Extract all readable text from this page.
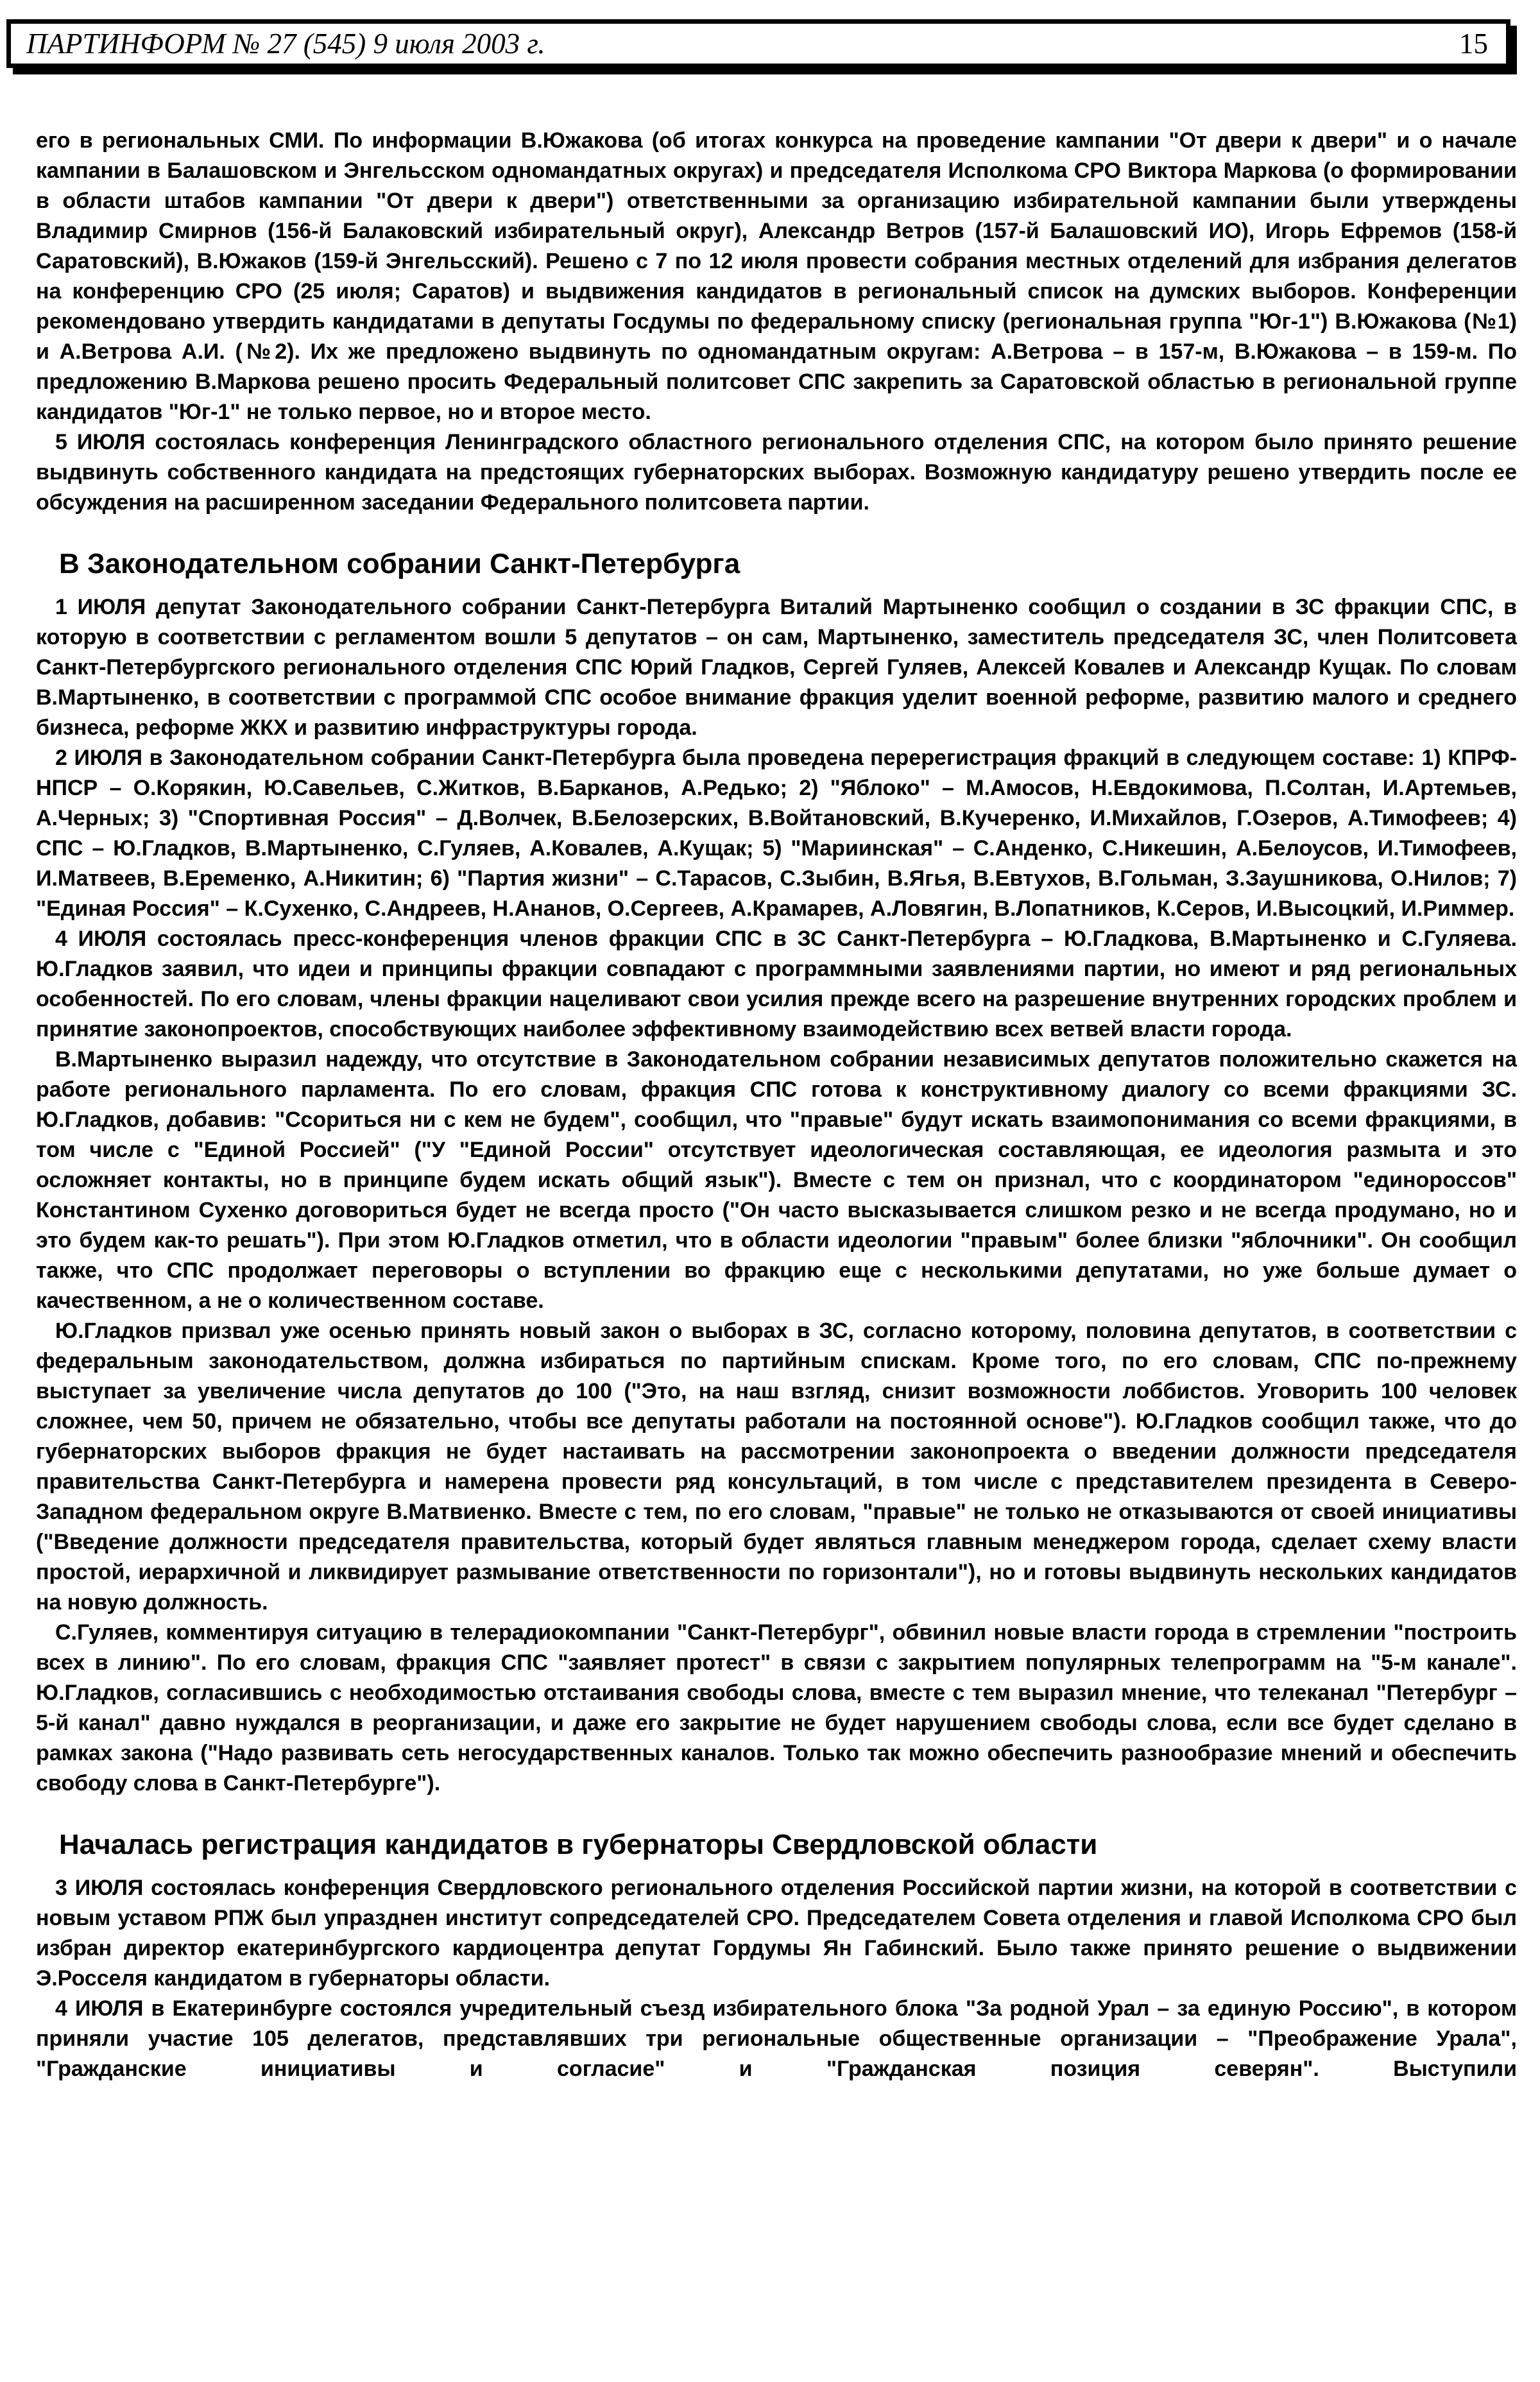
ПАРТИНФОРМ № 27 (545) 9 июля 2003 г.	15

его в региональных СМИ. По информации В.Южакова (об итогах конкурса на проведение кампании "От двери к двери" и о начале кампании в Балашовском и Энгельсском одномандатных округах) и председателя Исполкома СРО Виктора Маркова (о формировании в области штабов кампании "От двери к двери") ответственными за организацию избирательной кампании были утверждены Владимир Смирнов (156-й Балаковский избирательный округ), Александр Ветров (157-й Балашовский ИО), Игорь Ефремов (158-й Саратовский), В.Южаков (159-й Энгельсский). Решено с 7 по 12 июля провести собрания местных отделений для избрания делегатов на конференцию СРО (25 июля; Саратов) и выдвижения кандидатов в региональный список на думских выборов. Конференции рекомендовано утвердить кандидатами в депутаты Госдумы по федеральному списку (региональная группа "Юг-1") В.Южакова (№1) и А.Ветрова А.И. (№2). Их же предложено выдвинуть по одномандатным округам: А.Ветрова – в 157-м, В.Южакова – в 159-м. По предложению В.Маркова решено просить Федеральный политсовет СПС закрепить за Саратовской областью в региональной группе кандидатов "Юг-1" не только первое, но и второе место.

5 ИЮЛЯ состоялась конференция Ленинградского областного регионального отделения СПС, на котором было принято решение выдвинуть собственного кандидата на предстоящих губернаторских выборах. Возможную кандидатуру решено утвердить после ее обсуждения на расширенном заседании Федерального политсовета партии.

В Законодательном собрании Санкт-Петербурга

1 ИЮЛЯ депутат Законодательного собрании Санкт-Петербурга Виталий Мартыненко сообщил о создании в ЗС фракции СПС, в которую в соответствии с регламентом вошли 5 депутатов – он сам, Мартыненко, заместитель председателя ЗС, член Политсовета Санкт-Петербургского регионального отделения СПС Юрий Гладков, Сергей Гуляев, Алексей Ковалев и Александр Кущак. По словам В.Мартыненко, в соответствии с программой СПС особое внимание фракция уделит военной реформе, развитию малого и среднего бизнеса, реформе ЖКХ и развитию инфраструктуры города.

2 ИЮЛЯ в Законодательном собрании Санкт-Петербурга была проведена перерегистрация фракций в следующем составе: 1) КПРФ-НПСР – О.Корякин, Ю.Савельев, С.Житков, В.Барканов, А.Редько; 2) "Яблоко" – М.Амосов, Н.Евдокимова, П.Солтан, И.Артемьев, А.Черных; 3) "Спортивная Россия" – Д.Волчек, В.Белозерских, В.Войтановский, В.Кучеренко, И.Михайлов, Г.Озеров, А.Тимофеев; 4) СПС – Ю.Гладков, В.Мартыненко, С.Гуляев, А.Ковалев, А.Кущак; 5) "Мариинская" – С.Анденко, С.Никешин, А.Белоусов, И.Тимофеев, И.Матвеев, В.Еременко, А.Никитин; 6) "Партия жизни" – С.Тарасов, С.Зыбин, В.Ягья, В.Евтухов, В.Гольман, З.Заушникова, О.Нилов; 7) "Единая Россия" – К.Сухенко, С.Андреев, Н.Ананов, О.Сергеев, А.Крамарев, А.Ловягин, В.Лопатников, К.Серов, И.Высоцкий, И.Риммер.

4 ИЮЛЯ состоялась пресс-конференция членов фракции СПС в ЗС Санкт-Петербурга – Ю.Гладкова, В.Мартыненко и С.Гуляева. Ю.Гладков заявил, что идеи и принципы фракции совпадают с программными заявлениями партии, но имеют и ряд региональных особенностей. По его словам, члены фракции нацеливают свои усилия прежде всего на разрешение внутренних городских проблем и принятие законопроектов, способствующих наиболее эффективному взаимодействию всех ветвей власти города.

В.Мартыненко выразил надежду, что отсутствие в Законодательном собрании независимых депутатов положительно скажется на работе регионального парламента. По его словам, фракция СПС готова к конструктивному диалогу со всеми фракциями ЗС. Ю.Гладков, добавив: "Ссориться ни с кем не будем", сообщил, что "правые" будут искать взаимопонимания со всеми фракциями, в том числе с "Единой Россией" ("У "Единой России" отсутствует идеологическая составляющая, ее идеология размыта и это осложняет контакты, но в принципе будем искать общий язык"). Вместе с тем он признал, что с координатором "единороссов" Константином Сухенко договориться будет не всегда просто ("Он часто высказывается слишком резко и не всегда продумано, но и это будем как-то решать"). При этом Ю.Гладков отметил, что в области идеологии "правым" более близки "яблочники". Он сообщил также, что СПС продолжает переговоры о вступлении во фракцию еще с несколькими депутатами, но уже больше думает о качественном, а не о количественном составе.

Ю.Гладков призвал уже осенью принять новый закон о выборах в ЗС, согласно которому, половина депутатов, в соответствии с федеральным законодательством, должна избираться по партийным спискам. Кроме того, по его словам, СПС по-прежнему выступает за увеличение числа депутатов до 100 ("Это, на наш взгляд, снизит возможности лоббистов. Уговорить 100 человек сложнее, чем 50, причем не обязательно, чтобы все депутаты работали на постоянной основе"). Ю.Гладков сообщил также, что до губернаторских выборов фракция не будет настаивать на рассмотрении законопроекта о введении должности председателя правительства Санкт-Петербурга и намерена провести ряд консультаций, в том числе с представителем президента в Северо-Западном федеральном округе В.Матвиенко. Вместе с тем, по его словам, "правые" не только не отказываются от своей инициативы ("Введение должности председателя правительства, который будет являться главным менеджером города, сделает схему власти простой, иерархичной и ликвидирует размывание ответственности по горизонтали"), но и готовы выдвинуть нескольких кандидатов на новую должность.

С.Гуляев, комментируя ситуацию в телерадиокомпании "Санкт-Петербург", обвинил новые власти города в стремлении "построить всех в линию". По его словам, фракция СПС "заявляет протест" в связи с закрытием популярных телепрограмм на "5-м канале". Ю.Гладков, согласившись с необходимостью отстаивания свободы слова, вместе с тем выразил мнение, что телеканал "Петербург – 5-й канал" давно нуждался в реорганизации, и даже его закрытие не будет нарушением свободы слова, если все будет сделано в рамках закона ("Надо развивать сеть негосударственных каналов. Только так можно обеспечить разнообразие мнений и обеспечить свободу слова в Санкт-Петербурге").

Началась регистрация кандидатов в губернаторы Свердловской области

3 ИЮЛЯ состоялась конференция Свердловского регионального отделения Российской партии жизни, на которой в соответствии с новым уставом РПЖ был упразднен институт сопредседателей СРО. Председателем Совета отделения и главой Исполкома СРО был избран директор екатеринбургского кардиоцентра депутат Гордумы Ян Габинский. Было также принято решение о выдвижении Э.Росселя кандидатом в губернаторы области.

4 ИЮЛЯ в Екатеринбурге состоялся учредительный съезд избирательного блока "За родной Урал – за единую Россию", в котором приняли участие 105 делегатов, представлявших три региональные общественные организации – "Преображение Урала", "Гражданские инициативы и согласие" и "Гражданская позиция северян". Выступили
